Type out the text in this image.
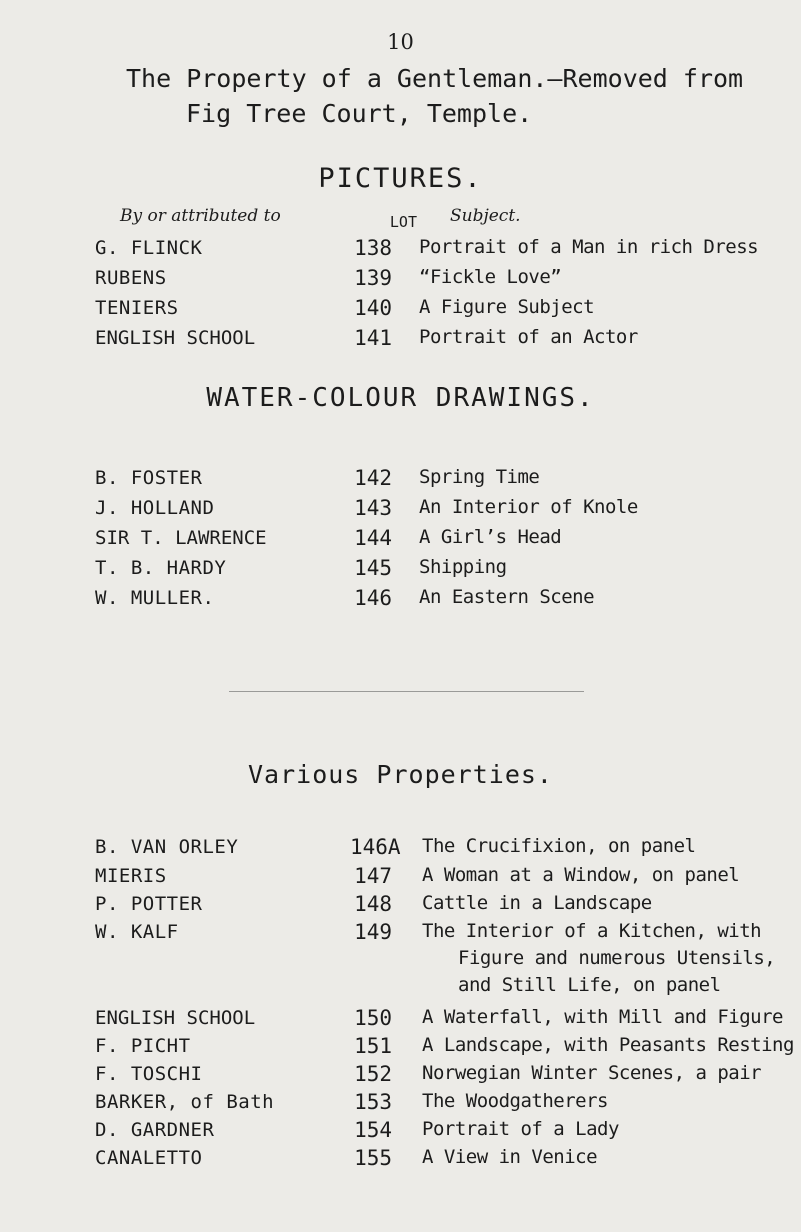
10
The Property of a Gentleman.—Removed from
Fig Tree Court, Temple.
PICTURES.
By or attributed to	LOT Subject.
G. FLINCK	138 Portrait of a Man in rich Dress
RUBENS	139 “Fickle Love”
TENIERS	140 A Figure Subject
ENGLISH SCHOOL	141 Portrait of an Actor
WATER-COLOUR DRAWINGS.
B. FOSTER	142 Spring Time
J. HOLLAND	143 An Interior of Knole
SIR T. LAWRENCE	144 A Girl’s Head
T. B. HARDY	145 Shipping
W. MULLER.	146 An Eastern Scene
Various Properties.
B. VAN ORLEY	146A	The Crucifixion, on panel
MIERIS	147 A Woman at a Window, on panel
P. POTTER	148 Cattle in a Landscape
W. KALF	149 The Interior of a Kitchen, with
Figure and numerous Utensils, and Still Life, on panel
ENGLISH SCHOOL	150 A Waterfall, with Mill and Figure
F. PICHT	151 A Landscape, with Peasants Resting
F. TOSCHI	152 Norwegian Winter Scenes, a pair
BARKER, of Bath	153 The Woodgatherers
D. GARDNER	154 Portrait of a Lady
CANALETTO	155 A View in Venice
